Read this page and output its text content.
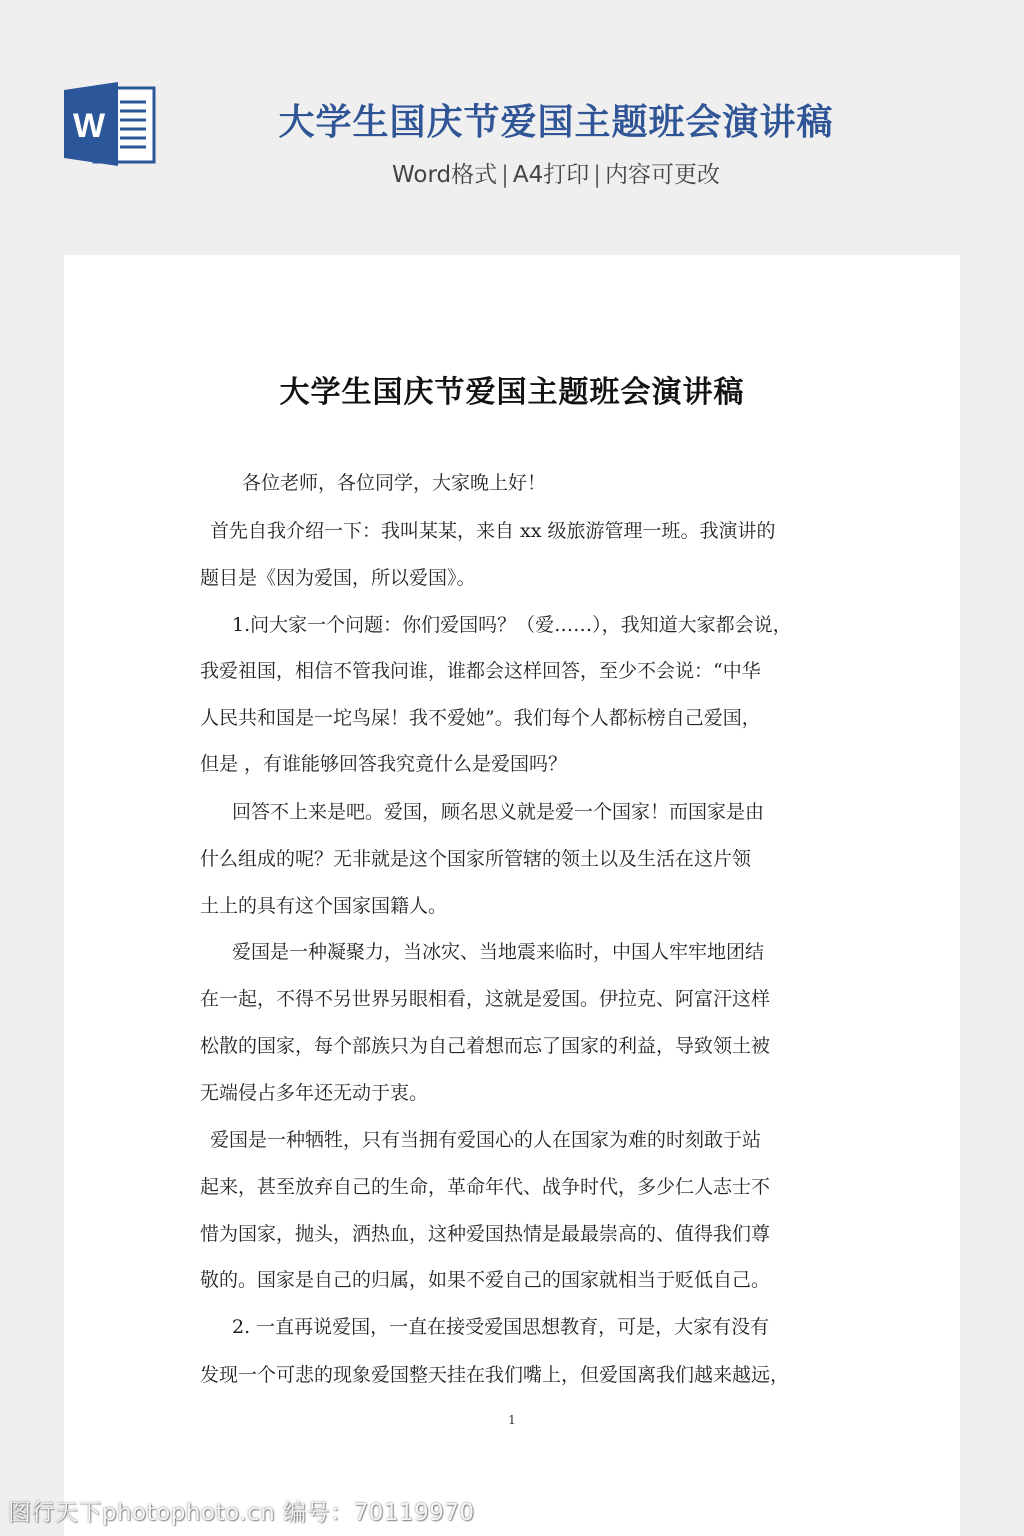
W	大学生国庆节爱国主题班会演讲稿
Word格式 | A4打印 | 内容可更改
大学生国庆节爱国主题班会演讲稿
各位老师，各位同学，大家晚上好！
首先自我介绍一下：我叫某某，来自 xx 级旅游管理一班。我演讲的
题目是《因为爱国，所以爱国》。
1.问大家一个问题：你们爱国吗？（爱……），我知道大家都会说，
我爱祖国，相信不管我问谁，谁都会这样回答，至少不会说：“中华
人民共和国是一坨鸟屎！我不爱她”。我们每个人都标榜自己爱国，
但是 ，有谁能够回答我究竟什么是爱国吗？
回答不上来是吧。爱国，顾名思义就是爱一个国家！而国家是由
什么组成的呢？无非就是这个国家所管辖的领土以及生活在这片领
土上的具有这个国家国籍人。
爱国是一种凝聚力，当冰灾、当地震来临时，中国人牢牢地团结
在一起，不得不另世界另眼相看，这就是爱国。伊拉克、阿富汗这样
松散的国家，每个部族只为自己着想而忘了国家的利益，导致领土被
无端侵占多年还无动于衷。
爱国是一种牺牲，只有当拥有爱国心的人在国家为难的时刻敢于站
起来，甚至放弃自己的生命，革命年代、战争时代，多少仁人志士不
惜为国家，抛头，洒热血，这种爱国热情是最最崇高的、值得我们尊
敬的。国家是自己的归属，如果不爱自己的国家就相当于贬低自己。
2. 一直再说爱国，一直在接受爱国思想教育，可是，大家有没有
发现一个可悲的现象爱国整天挂在我们嘴上，但爱国离我们越来越远，
1
图行天下photophoto.cn 编号：70119970
